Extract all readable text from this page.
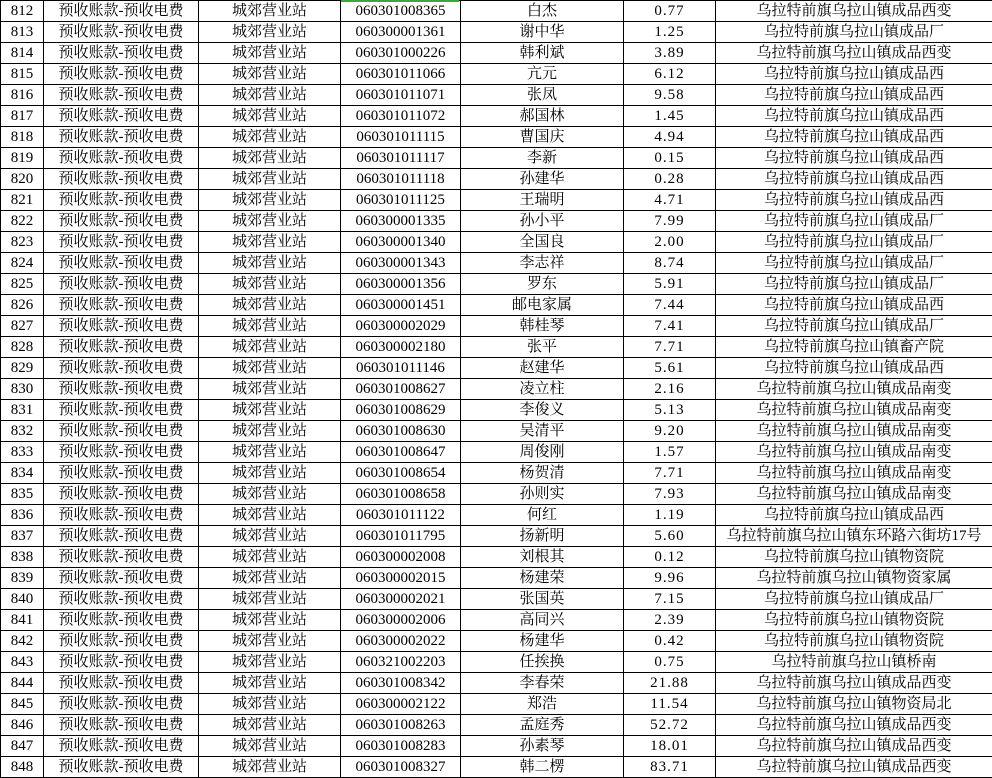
812	预收账款-预收电费	城郊营业站	060301008365	白杰	0.77	乌拉特前旗乌拉山镇成品西变
813	预收账款-预收电费	城郊营业站	060300001361	谢中华	1.25	乌拉特前旗乌拉山镇成品厂
814	预收账款-预收电费	城郊营业站	060301000226	韩利斌	3.89	乌拉特前旗乌拉山镇成品西变
815	预收账款-预收电费	城郊营业站	060301011066	亢元	6.12	乌拉特前旗乌拉山镇成品西
816	预收账款-预收电费	城郊营业站	060301011071	张凤	9.58	乌拉特前旗乌拉山镇成品西
817	预收账款-预收电费	城郊营业站	060301011072	郝国林	1.45	乌拉特前旗乌拉山镇成品西
818	预收账款-预收电费	城郊营业站	060301011115	曹国庆	4.94	乌拉特前旗乌拉山镇成品西
819	预收账款-预收电费	城郊营业站	060301011117	李新	0.15	乌拉特前旗乌拉山镇成品西
820	预收账款-预收电费	城郊营业站	060301011118	孙建华	0.28	乌拉特前旗乌拉山镇成品西
821	预收账款-预收电费	城郊营业站	060301011125	王瑞明	4.71	乌拉特前旗乌拉山镇成品西
822	预收账款-预收电费	城郊营业站	060300001335	孙小平	7.99	乌拉特前旗乌拉山镇成品厂
823	预收账款-预收电费	城郊营业站	060300001340	全国良	2.00	乌拉特前旗乌拉山镇成品厂
824	预收账款-预收电费	城郊营业站	060300001343	李志祥	8.74	乌拉特前旗乌拉山镇成品厂
825	预收账款-预收电费	城郊营业站	060300001356	罗东	5.91	乌拉特前旗乌拉山镇成品厂
826	预收账款-预收电费	城郊营业站	060300001451	邮电家属	7.44	乌拉特前旗乌拉山镇成品西
827	预收账款-预收电费	城郊营业站	060300002029	韩桂琴	7.41	乌拉特前旗乌拉山镇成品厂
828	预收账款-预收电费	城郊营业站	060300002180	张平	7.71	乌拉特前旗乌拉山镇畜产院
829	预收账款-预收电费	城郊营业站	060301011146	赵建华	5.61	乌拉特前旗乌拉山镇成品西
830	预收账款-预收电费	城郊营业站	060301008627	凌立柱	2.16	乌拉特前旗乌拉山镇成品南变
831	预收账款-预收电费	城郊营业站	060301008629	李俊义	5.13	乌拉特前旗乌拉山镇成品南变
832	预收账款-预收电费	城郊营业站	060301008630	吴清平	9.20	乌拉特前旗乌拉山镇成品南变
833	预收账款-预收电费	城郊营业站	060301008647	周俊刚	1.57	乌拉特前旗乌拉山镇成品南变
834	预收账款-预收电费	城郊营业站	060301008654	杨贺清	7.71	乌拉特前旗乌拉山镇成品南变
835	预收账款-预收电费	城郊营业站	060301008658	孙则实	7.93	乌拉特前旗乌拉山镇成品南变
836	预收账款-预收电费	城郊营业站	060301011122	何红	1.19	乌拉特前旗乌拉山镇成品西
837	预收账款-预收电费	城郊营业站	060301011795	扬新明	5.60	乌拉特前旗乌拉山镇东环路六街坊17号
838	预收账款-预收电费	城郊营业站	060300002008	刘根其	0.12	乌拉特前旗乌拉山镇物资院
839	预收账款-预收电费	城郊营业站	060300002015	杨建荣	9.96	乌拉特前旗乌拉山镇物资家属
840	预收账款-预收电费	城郊营业站	060300002021	张国英	7.15	乌拉特前旗乌拉山镇成品厂
841	预收账款-预收电费	城郊营业站	060300002006	高同兴	2.39	乌拉特前旗乌拉山镇物资院
842	预收账款-预收电费	城郊营业站	060300002022	杨建华	0.42	乌拉特前旗乌拉山镇物资院
843	预收账款-预收电费	城郊营业站	060321002203	任挨换	0.75	乌拉特前旗乌拉山镇桥南
844	预收账款-预收电费	城郊营业站	060301008342	李春荣	21.88	乌拉特前旗乌拉山镇成品西变
845	预收账款-预收电费	城郊营业站	060300002122	郑浩	11.54	乌拉特前旗乌拉山镇物资局北
846	预收账款-预收电费	城郊营业站	060301008263	孟庭秀	52.72	乌拉特前旗乌拉山镇成品西变
847	预收账款-预收电费	城郊营业站	060301008283	孙素琴	18.01	乌拉特前旗乌拉山镇成品西变
848	预收账款-预收电费	城郊营业站	060301008327	韩二楞	83.71	乌拉特前旗乌拉山镇成品西变
